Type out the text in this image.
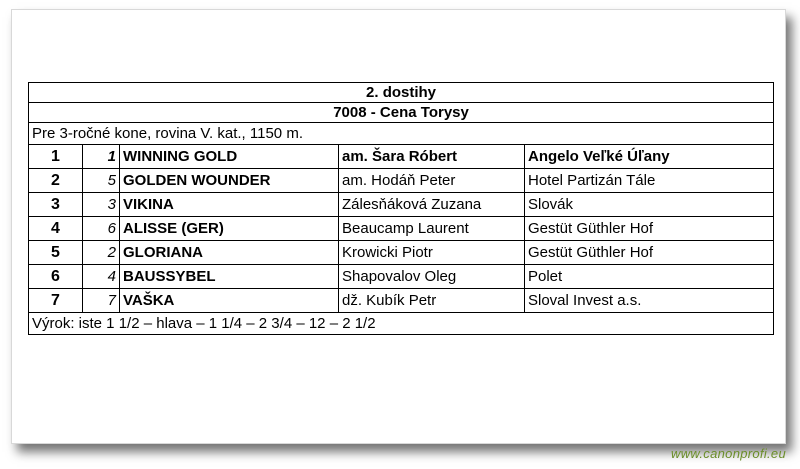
2. dostihy				
7008 - Cena Torysy				
Pre 3-ročné kone, rovina V. kat., 1150 m.				
1	1	WINNING GOLD	am. Šara Róbert	Angelo Veľké Úľany
2	5	GOLDEN WOUNDER	am. Hodáň Peter	Hotel Partizán Tále
3	3	VIKINA	Zálesňáková Zuzana	Slovák
4	6	ALISSE (GER)	Beaucamp Laurent	Gestüt Güthler Hof
5	2	GLORIANA	Krowicki Piotr	Gestüt Güthler Hof
6	4	BAUSSYBEL	Shapovalov Oleg	Polet
7	7	VAŠKA	dž. Kubík Petr	Sloval Invest a.s.
Výrok: iste 1 1/2 – hlava – 1 1/4 – 2 3/4 – 12 – 2 1/2				
www.canonprofi.eu
